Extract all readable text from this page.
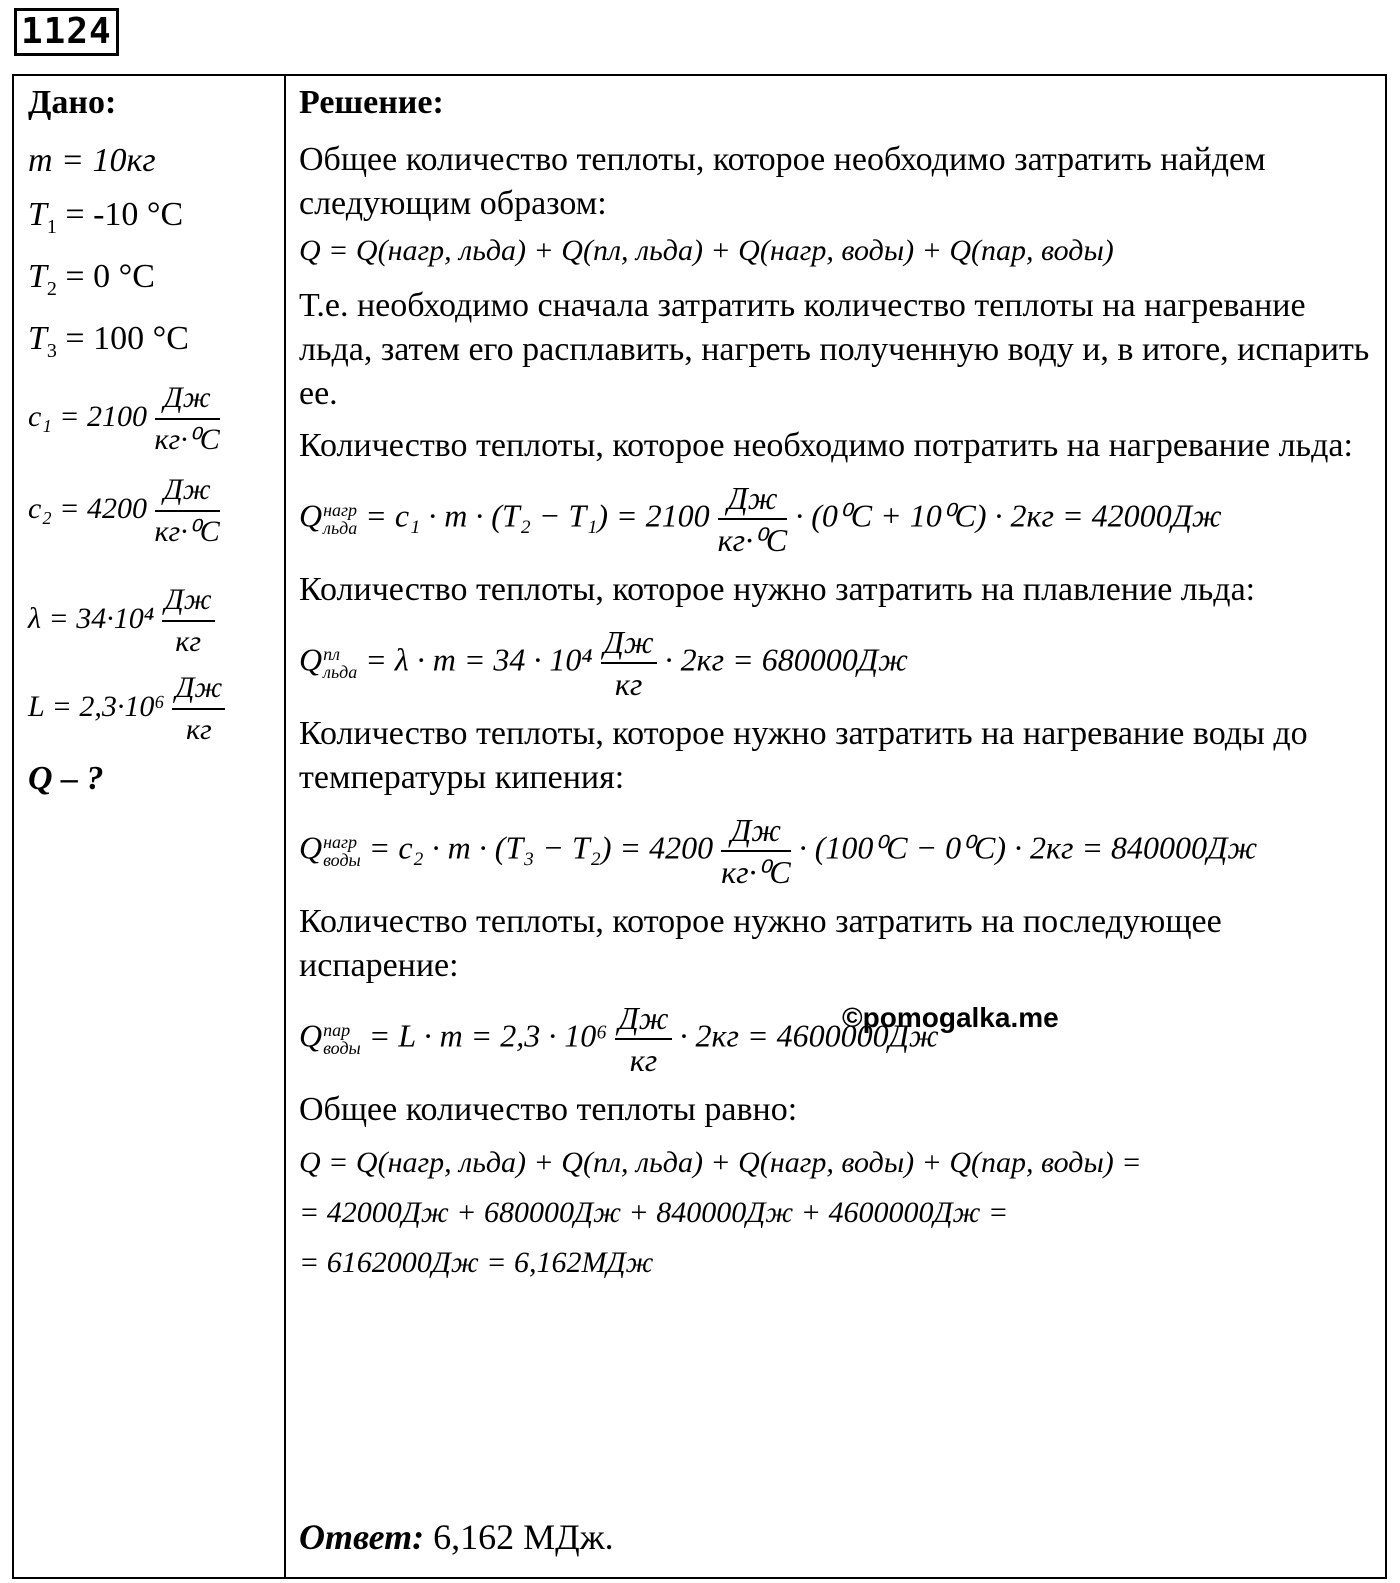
1124
Дано:
m = 10кг
$T_1 = -10$ °C
$T_2 = 0$ °C
$T_3 = 100$ °C
$c_1 = 2100 \frac{Дж}{\text{кг·⁰C}}$
$c_2 = 4200 \frac{Дж}{\text{кг·⁰C}}$
$\lambda = 34\cdot 10^4 \frac{Дж}{кг}$
$L = 2,3\cdot 10^6 \frac{Дж}{кг}$
Q – ?
Решение:

Общее количество теплоты, которое необходимо затратить найдем следующим образом:

Q = Q(нагр, льда) + Q(пл, льда) + Q(нагр, воды) + Q(пар, воды)

Т.е. необходимо сначала затратить количество теплоты на нагревание льда, затем его расплавить, нагреть полученную воду и, в итоге, испарить ее.

Количество теплоты, которое необходимо потратить на нагревание льда:

Q нагр
льда = $c_1 \cdot m \cdot (T_2 - T_1) = 2100 \frac{Дж}{\text{кг·⁰C}} \cdot (0^0C + 10^0C) \cdot 2кг = 42000Дж$

Количество теплоты, которое нужно затратить на плавление льда:

Q пл
льда = $\lambda \cdot m = 34 \cdot 10^4 \frac{Дж}{кг} \cdot 2кг = 680000Дж$

Количество теплоты, которое нужно затратить на нагревание воды до температуры кипения:

Q нагр
воды = $c_2 \cdot m \cdot (T_3 - T_2) = 4200 \frac{Дж}{\text{кг·⁰C}} \cdot (100^0C - 0^0C) \cdot 2кг = 840000Дж$

Количество теплоты, которое нужно затратить на последующее испарение:

Q пар
воды = $L \cdot m = 2,3 \cdot 10^6 \frac{Дж}{кг} \cdot 2кг = 4600000Дж$

Общее количество теплоты равно:

Q = Q(нагр, льда) + Q(пл, льда) + Q(нагр, воды) + Q(пар, воды) =
= 42000Дж + 680000Дж + 840000Дж + 4600000Дж =
= 6162000Дж = 6,162МДж
©pomogalka.me
Ответ: 6,162 МДж.
